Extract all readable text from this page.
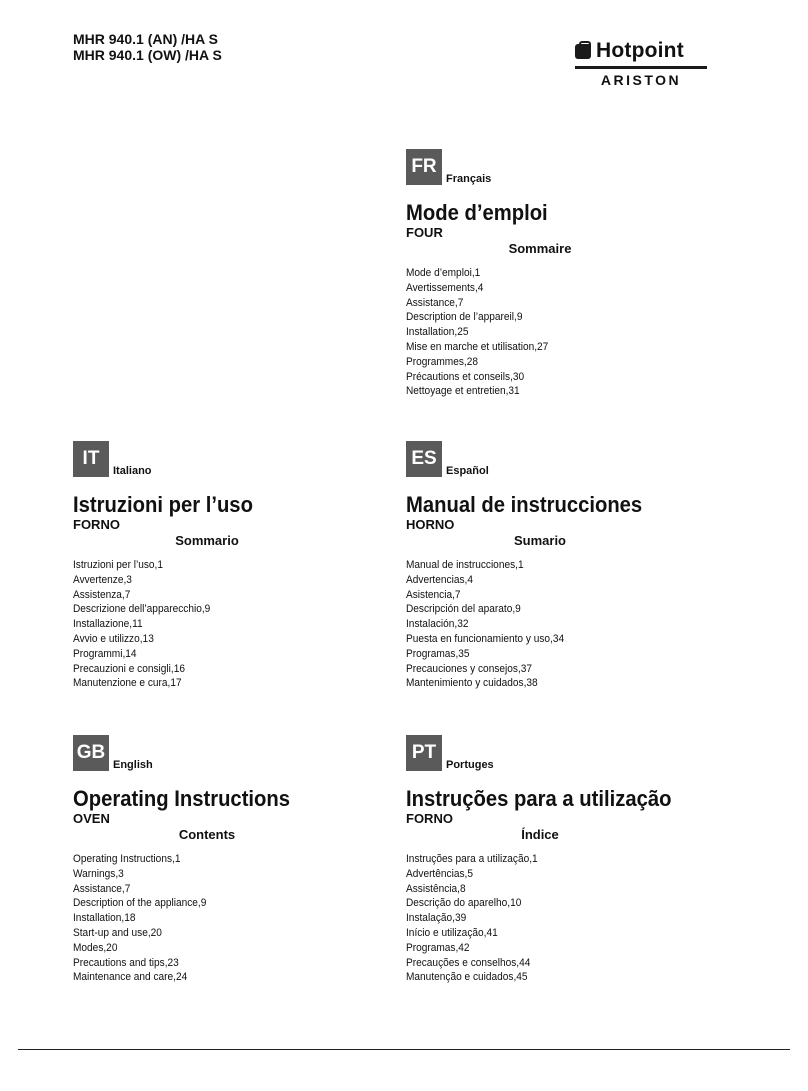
MHR 940.1 (AN) /HA S
MHR 940.1 (OW) /HA S	Hotpoint
ARISTON
FR
Français
Mode d’emploi
FOUR
Sommaire
Mode d’emploi,1
Avertissements,4
Assistance,7
Description de l’appareil,9
Installation,25
Mise en marche et utilisation,27
Programmes,28
Précautions et conseils,30
Nettoyage et entretien,31
IT
Italiano
Istruzioni per l’uso
FORNO
Sommario
Istruzioni per l’uso,1
Avvertenze,3
Assistenza,7
Descrizione dell’apparecchio,9
Installazione,11
Avvio e utilizzo,13
Programmi,14
Precauzioni e consigli,16
Manutenzione e cura,17
ES
Español
Manual de instrucciones
HORNO
Sumario
Manual de instrucciones,1
Advertencias,4
Asistencia,7
Descripción del aparato,9
Instalación,32
Puesta en funcionamiento y uso,34
Programas,35
Precauciones y consejos,37
Mantenimiento y cuidados,38
GB
English
Operating Instructions
OVEN
Contents
Operating Instructions,1
Warnings,3
Assistance,7
Description of the appliance,9
Installation,18
Start-up and use,20
Modes,20
Precautions and tips,23
Maintenance and care,24
PT
Portuges
Instruções para a utilização
FORNO
Índice
Instruções para a utilização,1
Advertências,5
Assistência,8
Descrição do aparelho,10
Instalação,39
Início e utilização,41
Programas,42
Precauções e conselhos,44
Manutenção e cuidados,45
